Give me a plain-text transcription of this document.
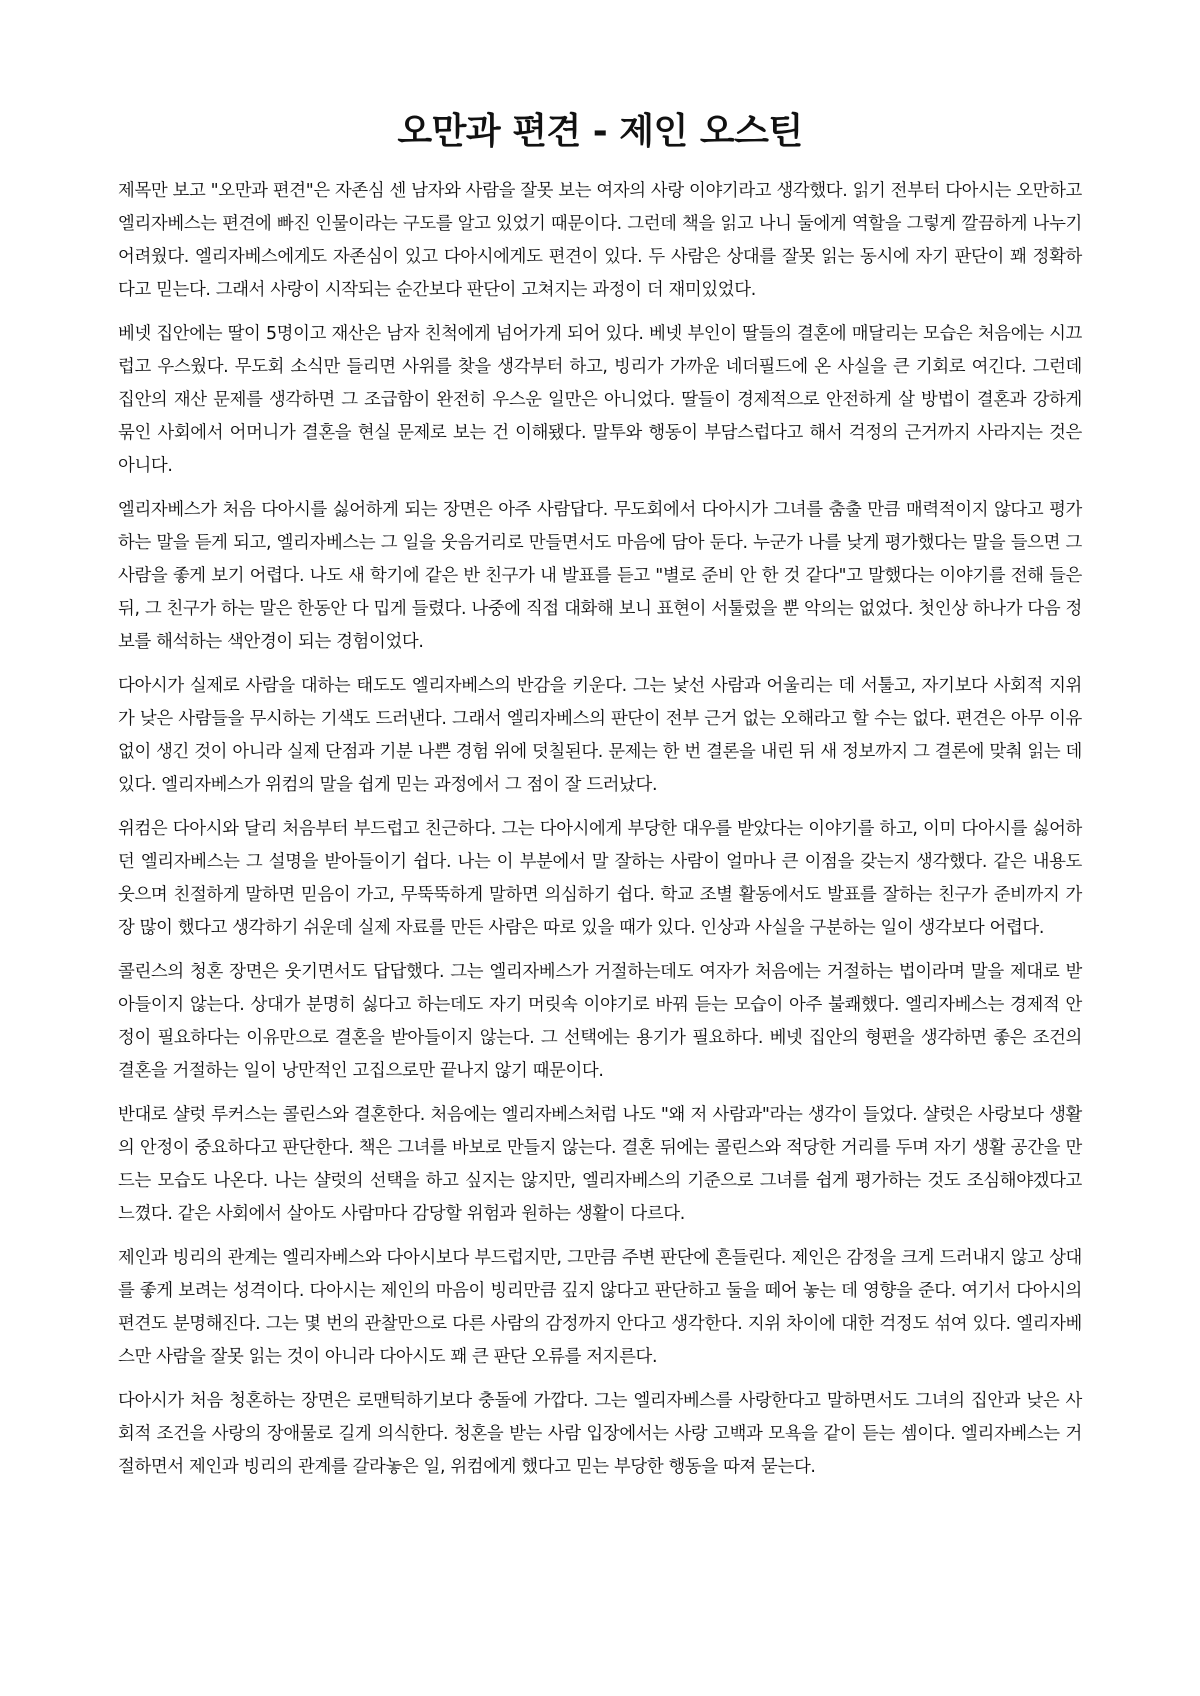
오만과 편견 - 제인 오스틴

제목만 보고 "오만과 편견"은 자존심 센 남자와 사람을 잘못 보는 여자의 사랑 이야기라고 생각했다. 읽기 전부터 다아시는 오만하고 엘리자베스는 편견에 빠진 인물이라는 구도를 알고 있었기 때문이다. 그런데 책을 읽고 나니 둘에게 역할을 그렇게 깔끔하게 나누기 어려웠다. 엘리자베스에게도 자존심이 있고 다아시에게도 편견이 있다. 두 사람은 상대를 잘못 읽는 동시에 자기 판단이 꽤 정확하다고 믿는다. 그래서 사랑이 시작되는 순간보다 판단이 고쳐지는 과정이 더 재미있었다.

베넷 집안에는 딸이 5명이고 재산은 남자 친척에게 넘어가게 되어 있다. 베넷 부인이 딸들의 결혼에 매달리는 모습은 처음에는 시끄럽고 우스웠다. 무도회 소식만 들리면 사위를 찾을 생각부터 하고, 빙리가 가까운 네더필드에 온 사실을 큰 기회로 여긴다. 그런데 집안의 재산 문제를 생각하면 그 조급함이 완전히 우스운 일만은 아니었다. 딸들이 경제적으로 안전하게 살 방법이 결혼과 강하게 묶인 사회에서 어머니가 결혼을 현실 문제로 보는 건 이해됐다. 말투와 행동이 부담스럽다고 해서 걱정의 근거까지 사라지는 것은 아니다.

엘리자베스가 처음 다아시를 싫어하게 되는 장면은 아주 사람답다. 무도회에서 다아시가 그녀를 춤출 만큼 매력적이지 않다고 평가하는 말을 듣게 되고, 엘리자베스는 그 일을 웃음거리로 만들면서도 마음에 담아 둔다. 누군가 나를 낮게 평가했다는 말을 들으면 그 사람을 좋게 보기 어렵다. 나도 새 학기에 같은 반 친구가 내 발표를 듣고 "별로 준비 안 한 것 같다"고 말했다는 이야기를 전해 들은 뒤, 그 친구가 하는 말은 한동안 다 밉게 들렸다. 나중에 직접 대화해 보니 표현이 서툴렀을 뿐 악의는 없었다. 첫인상 하나가 다음 정보를 해석하는 색안경이 되는 경험이었다.

다아시가 실제로 사람을 대하는 태도도 엘리자베스의 반감을 키운다. 그는 낯선 사람과 어울리는 데 서툴고, 자기보다 사회적 지위가 낮은 사람들을 무시하는 기색도 드러낸다. 그래서 엘리자베스의 판단이 전부 근거 없는 오해라고 할 수는 없다. 편견은 아무 이유 없이 생긴 것이 아니라 실제 단점과 기분 나쁜 경험 위에 덧칠된다. 문제는 한 번 결론을 내린 뒤 새 정보까지 그 결론에 맞춰 읽는 데 있다. 엘리자베스가 위컴의 말을 쉽게 믿는 과정에서 그 점이 잘 드러났다.

위컴은 다아시와 달리 처음부터 부드럽고 친근하다. 그는 다아시에게 부당한 대우를 받았다는 이야기를 하고, 이미 다아시를 싫어하던 엘리자베스는 그 설명을 받아들이기 쉽다. 나는 이 부분에서 말 잘하는 사람이 얼마나 큰 이점을 갖는지 생각했다. 같은 내용도 웃으며 친절하게 말하면 믿음이 가고, 무뚝뚝하게 말하면 의심하기 쉽다. 학교 조별 활동에서도 발표를 잘하는 친구가 준비까지 가장 많이 했다고 생각하기 쉬운데 실제 자료를 만든 사람은 따로 있을 때가 있다. 인상과 사실을 구분하는 일이 생각보다 어렵다.

콜린스의 청혼 장면은 웃기면서도 답답했다. 그는 엘리자베스가 거절하는데도 여자가 처음에는 거절하는 법이라며 말을 제대로 받아들이지 않는다. 상대가 분명히 싫다고 하는데도 자기 머릿속 이야기로 바꿔 듣는 모습이 아주 불쾌했다. 엘리자베스는 경제적 안정이 필요하다는 이유만으로 결혼을 받아들이지 않는다. 그 선택에는 용기가 필요하다. 베넷 집안의 형편을 생각하면 좋은 조건의 결혼을 거절하는 일이 낭만적인 고집으로만 끝나지 않기 때문이다.

반대로 샬럿 루커스는 콜린스와 결혼한다. 처음에는 엘리자베스처럼 나도 "왜 저 사람과"라는 생각이 들었다. 샬럿은 사랑보다 생활의 안정이 중요하다고 판단한다. 책은 그녀를 바보로 만들지 않는다. 결혼 뒤에는 콜린스와 적당한 거리를 두며 자기 생활 공간을 만드는 모습도 나온다. 나는 샬럿의 선택을 하고 싶지는 않지만, 엘리자베스의 기준으로 그녀를 쉽게 평가하는 것도 조심해야겠다고 느꼈다. 같은 사회에서 살아도 사람마다 감당할 위험과 원하는 생활이 다르다.

제인과 빙리의 관계는 엘리자베스와 다아시보다 부드럽지만, 그만큼 주변 판단에 흔들린다. 제인은 감정을 크게 드러내지 않고 상대를 좋게 보려는 성격이다. 다아시는 제인의 마음이 빙리만큼 깊지 않다고 판단하고 둘을 떼어 놓는 데 영향을 준다. 여기서 다아시의 편견도 분명해진다. 그는 몇 번의 관찰만으로 다른 사람의 감정까지 안다고 생각한다. 지위 차이에 대한 걱정도 섞여 있다. 엘리자베스만 사람을 잘못 읽는 것이 아니라 다아시도 꽤 큰 판단 오류를 저지른다.

다아시가 처음 청혼하는 장면은 로맨틱하기보다 충돌에 가깝다. 그는 엘리자베스를 사랑한다고 말하면서도 그녀의 집안과 낮은 사회적 조건을 사랑의 장애물로 길게 의식한다. 청혼을 받는 사람 입장에서는 사랑 고백과 모욕을 같이 듣는 셈이다. 엘리자베스는 거절하면서 제인과 빙리의 관계를 갈라놓은 일, 위컴에게 했다고 믿는 부당한 행동을 따져 묻는다.
